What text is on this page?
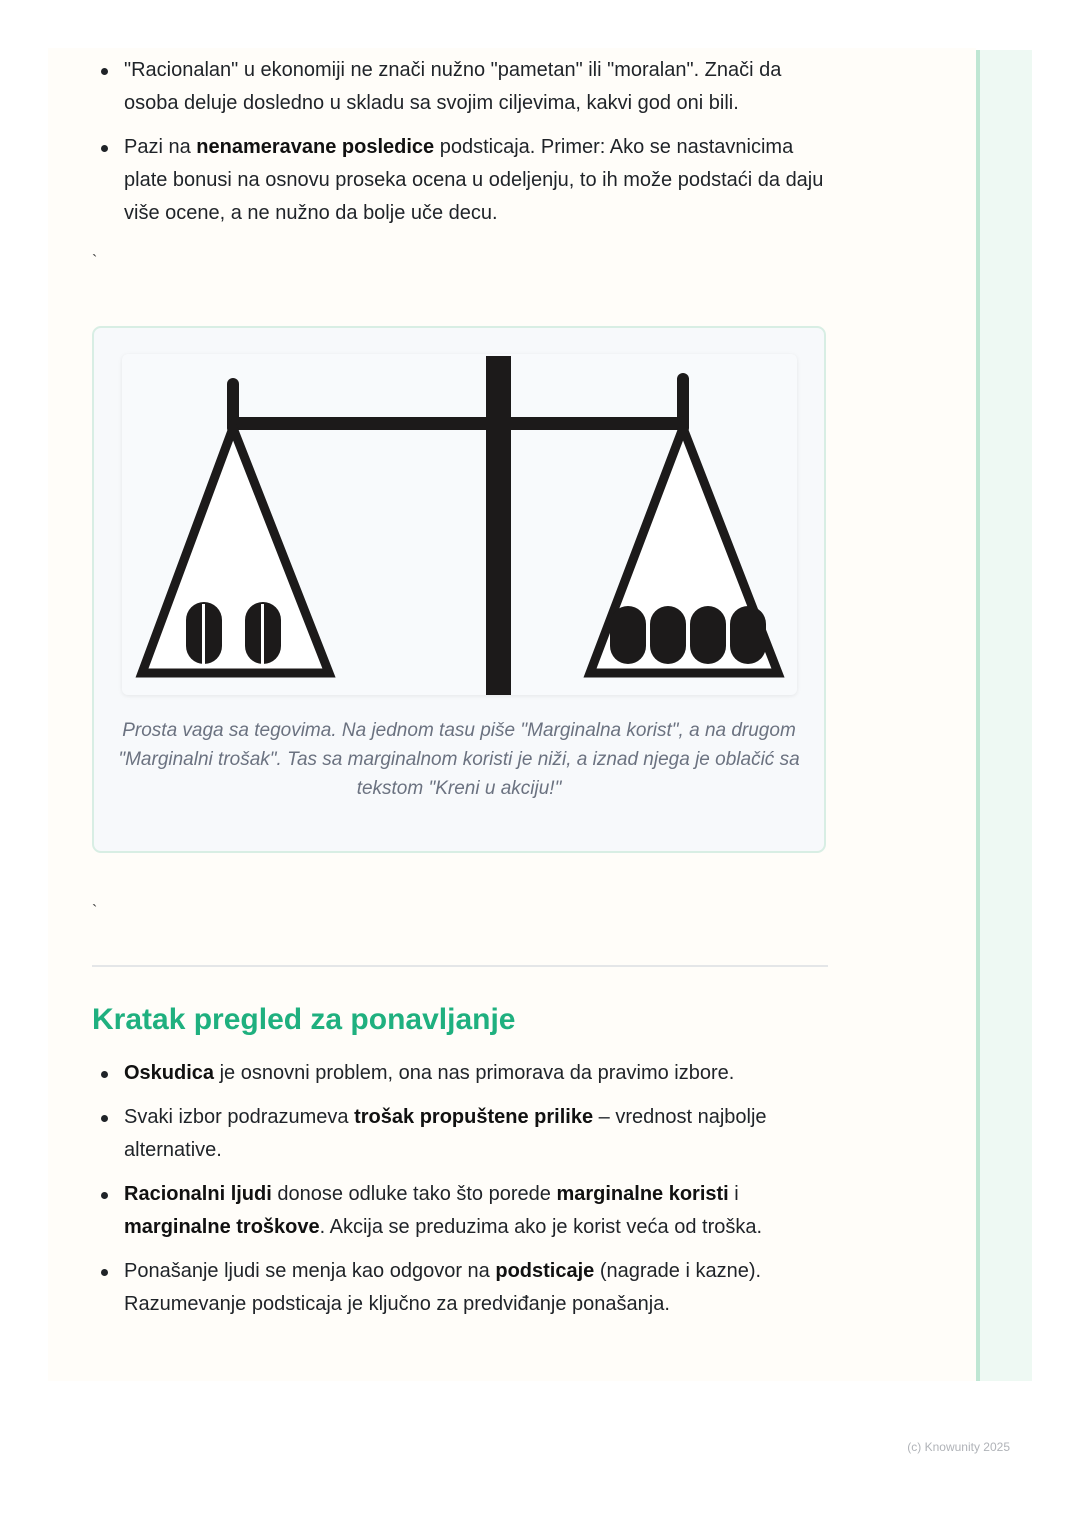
"Racionalan" u ekonomiji ne znači nužno "pametan" ili "moralan". Znači da osoba deluje dosledno u skladu sa svojim ciljevima, kakvi god oni bili.
Pazi na nenameravane posledice podsticaja. Primer: Ako se nastavnicima plate bonusi na osnovu proseka ocena u odeljenju, to ih može podstaći da daju više ocene, a ne nužno da bolje uče decu.
`
Prosta vaga sa tegovima. Na jednom tasu piše "Marginalna korist", a na drugom "Marginalni trošak". Tas sa marginalnom koristi je niži, a iznad njega je oblačić sa tekstom "Kreni u akciju!"
`
Kratak pregled za ponavljanje
Oskudica je osnovni problem, ona nas primorava da pravimo izbore.
Svaki izbor podrazumeva trošak propuštene prilike – vrednost najbolje alternative.
Racionalni ljudi donose odluke tako što porede marginalne koristi i marginalne troškove. Akcija se preduzima ako je korist veća od troška.
Ponašanje ljudi se menja kao odgovor na podsticaje (nagrade i kazne). Razumevanje podsticaja je ključno za predviđanje ponašanja.
(c) Knowunity 2025
